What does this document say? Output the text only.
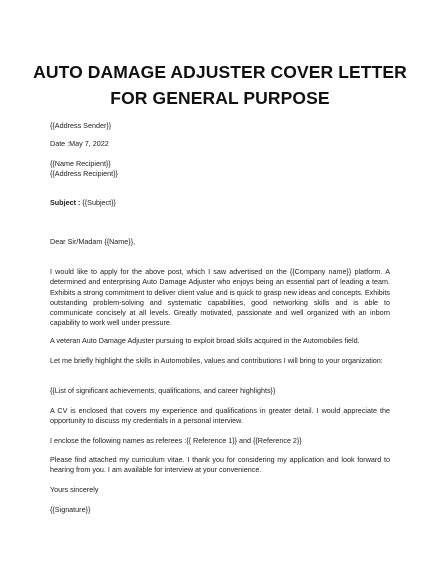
AUTO DAMAGE ADJUSTER COVER LETTER
FOR GENERAL PURPOSE
{{Address Sender}}
Date :May 7, 2022
{{Name Recipient}}
{{Address Recipient}}
Subject : {{Subject}}
Dear Sir/Madam {{Name}},
I would like to apply for the above post, which I saw advertised on the {{Company name}} platform. A determined and enterprising Auto Damage Adjuster who enjoys being an essential part of leading a team. Exhibits a strong commitment to deliver client value and is quick to grasp new ideas and concepts. Exhibits outstanding problem-solving and systematic capabilities, good networking skills and is able to communicate concisely at all levels. Greatly motivated, passionate and well organized with an inborn capability to work well under pressure.
A veteran Auto Damage Adjuster pursuing to exploit broad skills acquired in the Automobiles field.
Let me briefly highlight the skills in Automobiles, values and contributions I will bring to your organization:
{{List of significant achievements, qualifications, and career highlights}}
A CV is enclosed that covers my experience and qualifications in greater detail. I would appreciate the opportunity to discuss my credentials in a personal interview.
I enclose the following names as referees :{{ Reference 1}} and {{Reference 2}}
Please find attached my curriculum vitae. I thank you for considering my application and look forward to hearing from you. I am available for interview at your convenience.
Yours sincerely
{{Signature}}
